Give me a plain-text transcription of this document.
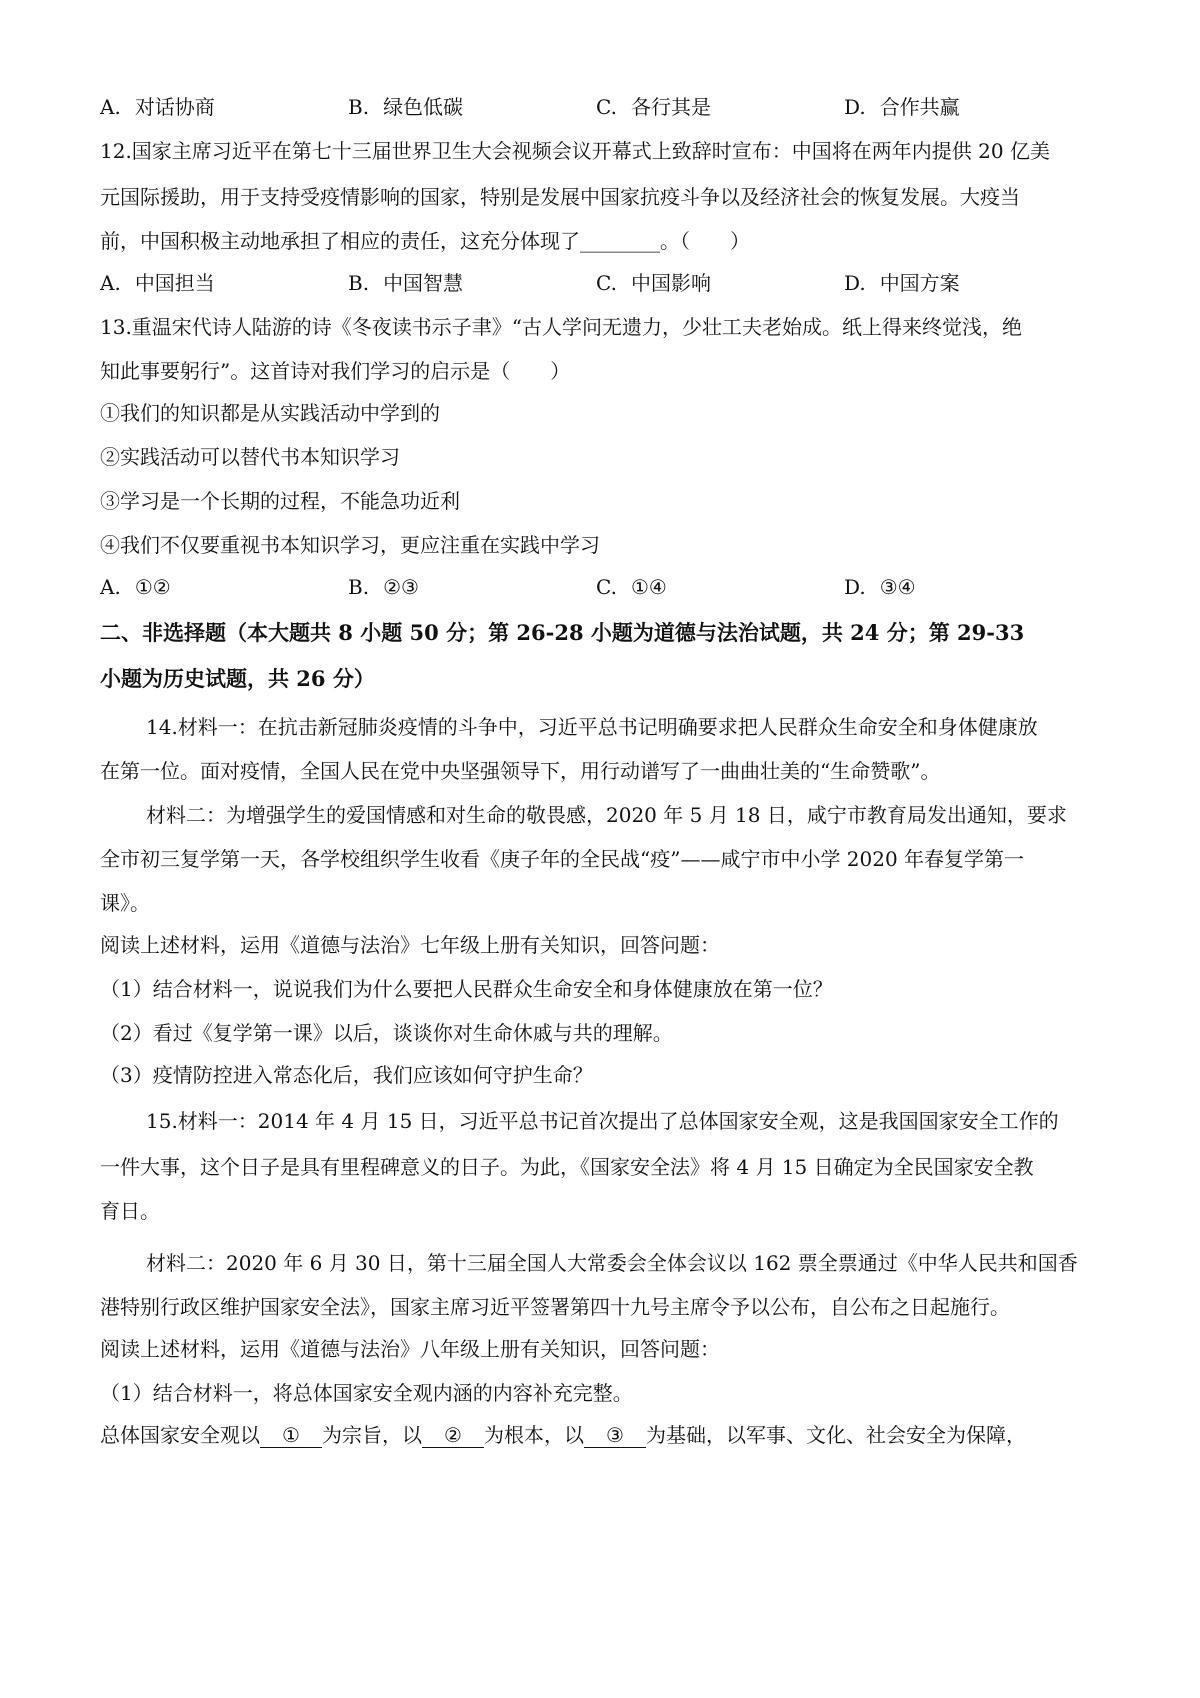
A. 对话协商	B. 绿色低碳	C. 各行其是	D. 合作共赢
12.国家主席习近平在第七十三届世界卫生大会视频会议开幕式上致辞时宣布：中国将在两年内提供 20 亿美
元国际援助，用于支持受疫情影响的国家，特别是发展中国家抗疫斗争以及经济社会的恢复发展。大疫当
前，中国积极主动地承担了相应的责任，这充分体现了________。（　　）
A. 中国担当	B. 中国智慧	C. 中国影响	D. 中国方案
13.重温宋代诗人陆游的诗《冬夜读书示子聿》“古人学问无遗力，少壮工夫老始成。纸上得来终觉浅，绝
知此事要躬行”。这首诗对我们学习的启示是（　　）
①我们的知识都是从实践活动中学到的
②实践活动可以替代书本知识学习
③学习是一个长期的过程，不能急功近利
④我们不仅要重视书本知识学习，更应注重在实践中学习
A. ①②	B. ②③	C. ①④	D. ③④
二、非选择题（本大题共 8 小题 50 分；第 26-28 小题为道德与法治试题，共 24 分；第 29-33
小题为历史试题，共 26 分）
14.材料一：在抗击新冠肺炎疫情的斗争中，习近平总书记明确要求把人民群众生命安全和身体健康放
在第一位。面对疫情，全国人民在党中央坚强领导下，用行动谱写了一曲曲壮美的“生命赞歌”。
材料二：为增强学生的爱国情感和对生命的敬畏感，2020 年 5 月 18 日，咸宁市教育局发出通知，要求
全市初三复学第一天，各学校组织学生收看《庚子年的全民战“疫”——咸宁市中小学 2020 年春复学第一
课》。
阅读上述材料，运用《道德与法治》七年级上册有关知识，回答问题：
（1）结合材料一，说说我们为什么要把人民群众生命安全和身体健康放在第一位？
（2）看过《复学第一课》以后，谈谈你对生命休戚与共的理解。
（3）疫情防控进入常态化后，我们应该如何守护生命？
15.材料一：2014 年 4 月 15 日，习近平总书记首次提出了总体国家安全观，这是我国国家安全工作的
一件大事，这个日子是具有里程碑意义的日子。为此，《国家安全法》将 4 月 15 日确定为全民国家安全教
育日。
材料二：2020 年 6 月 30 日，第十三届全国人大常委会全体会议以 162 票全票通过《中华人民共和国香
港特别行政区维护国家安全法》，国家主席习近平签署第四十九号主席令予以公布，自公布之日起施行。
阅读上述材料，运用《道德与法治》八年级上册有关知识，回答问题：
（1）结合材料一，将总体国家安全观内涵的内容补充完整。
总体国家安全观以 ① 为宗旨，以 ② 为根本，以 ③ 为基础，以军事、文化、社会安全为保障，
